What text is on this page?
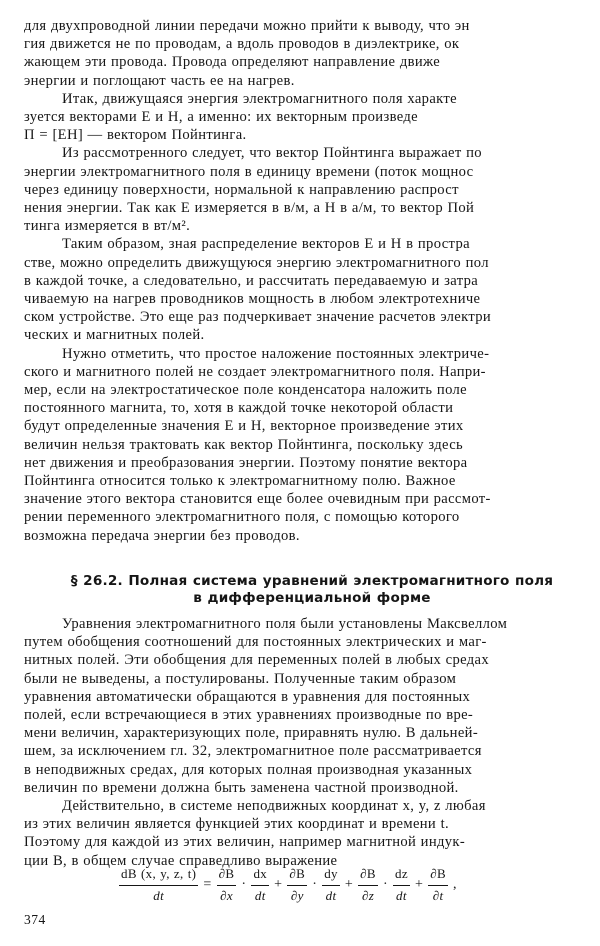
для двухпроводной линии передачи можно прийти к выводу, что эн
гия движется не по проводам, а вдоль проводов в диэлектрике, ок
жающем эти провода. Провода определяют направление движе
энергии и поглощают часть ее на нагрев.

Итак, движущаяся энергия электромагнитного поля характе
зуется векторами E и H, а именно: их векторным произведе
П = [EH] — вектором Пойнтинга.

Из рассмотренного следует, что вектор Пойнтинга выражает по
энергии электромагнитного поля в единицу времени (поток мощнос
через единицу поверхности, нормальной к направлению распрост
нения энергии. Так как E измеряется в в/м, а H в а/м, то вектор Пой
тинга измеряется в вт/м².

Таким образом, зная распределение векторов E и H в простра
стве, можно определить движущуюся энергию электромагнитного пол
в каждой точке, а следовательно, и рассчитать передаваемую и затра
чиваемую на нагрев проводников мощность в любом электротехниче
ском устройстве. Это еще раз подчеркивает значение расчетов электри
ческих и магнитных полей.

Нужно отметить, что простое наложение постоянных электриче-
ского и магнитного полей не создает электромагнитного поля. Напри-
мер, если на электростатическое поле конденсатора наложить поле
постоянного магнита, то, хотя в каждой точке некоторой области
будут определенные значения E и H, векторное произведение этих
величин нельзя трактовать как вектор Пойнтинга, поскольку здесь
нет движения и преобразования энергии. Поэтому понятие вектора
Пойнтинга относится только к электромагнитному полю. Важное
значение этого вектора становится еще более очевидным при рассмот-
рении переменного электромагнитного поля, с помощью которого
возможна передача энергии без проводов.

§ 26.2. Полная система уравнений электромагнитного поля
в дифференциальной форме

Уравнения электромагнитного поля были установлены Максвеллом
путем обобщения соотношений для постоянных электрических и маг-
нитных полей. Эти обобщения для переменных полей в любых средах
были не выведены, а постулированы. Полученные таким образом
уравнения автоматически обращаются в уравнения для постоянных
полей, если встречающиеся в этих уравнениях производные по вре-
мени величин, характеризующих поле, приравнять нулю. В дальней-
шем, за исключением гл. 32, электромагнитное поле рассматривается
в неподвижных средах, для которых полная производная указанных
величин по времени должна быть заменена частной производной.

Действительно, в системе неподвижных координат x, y, z любая
из этих величин является функцией этих координат и времени t.
Поэтому для каждой из этих величин, например магнитной индук-
ции B, в общем случае справедливо выражение

$\frac{dB (x, y, z, t)}{dt} = \frac{\partial B}{\partial x} \cdot \frac{dx}{dt} + \frac{\partial B}{\partial y} \cdot \frac{dy}{dt} + \frac{\partial B}{\partial z} \cdot \frac{dz}{dt} + \frac{\partial B}{\partial t}$ ,
374
